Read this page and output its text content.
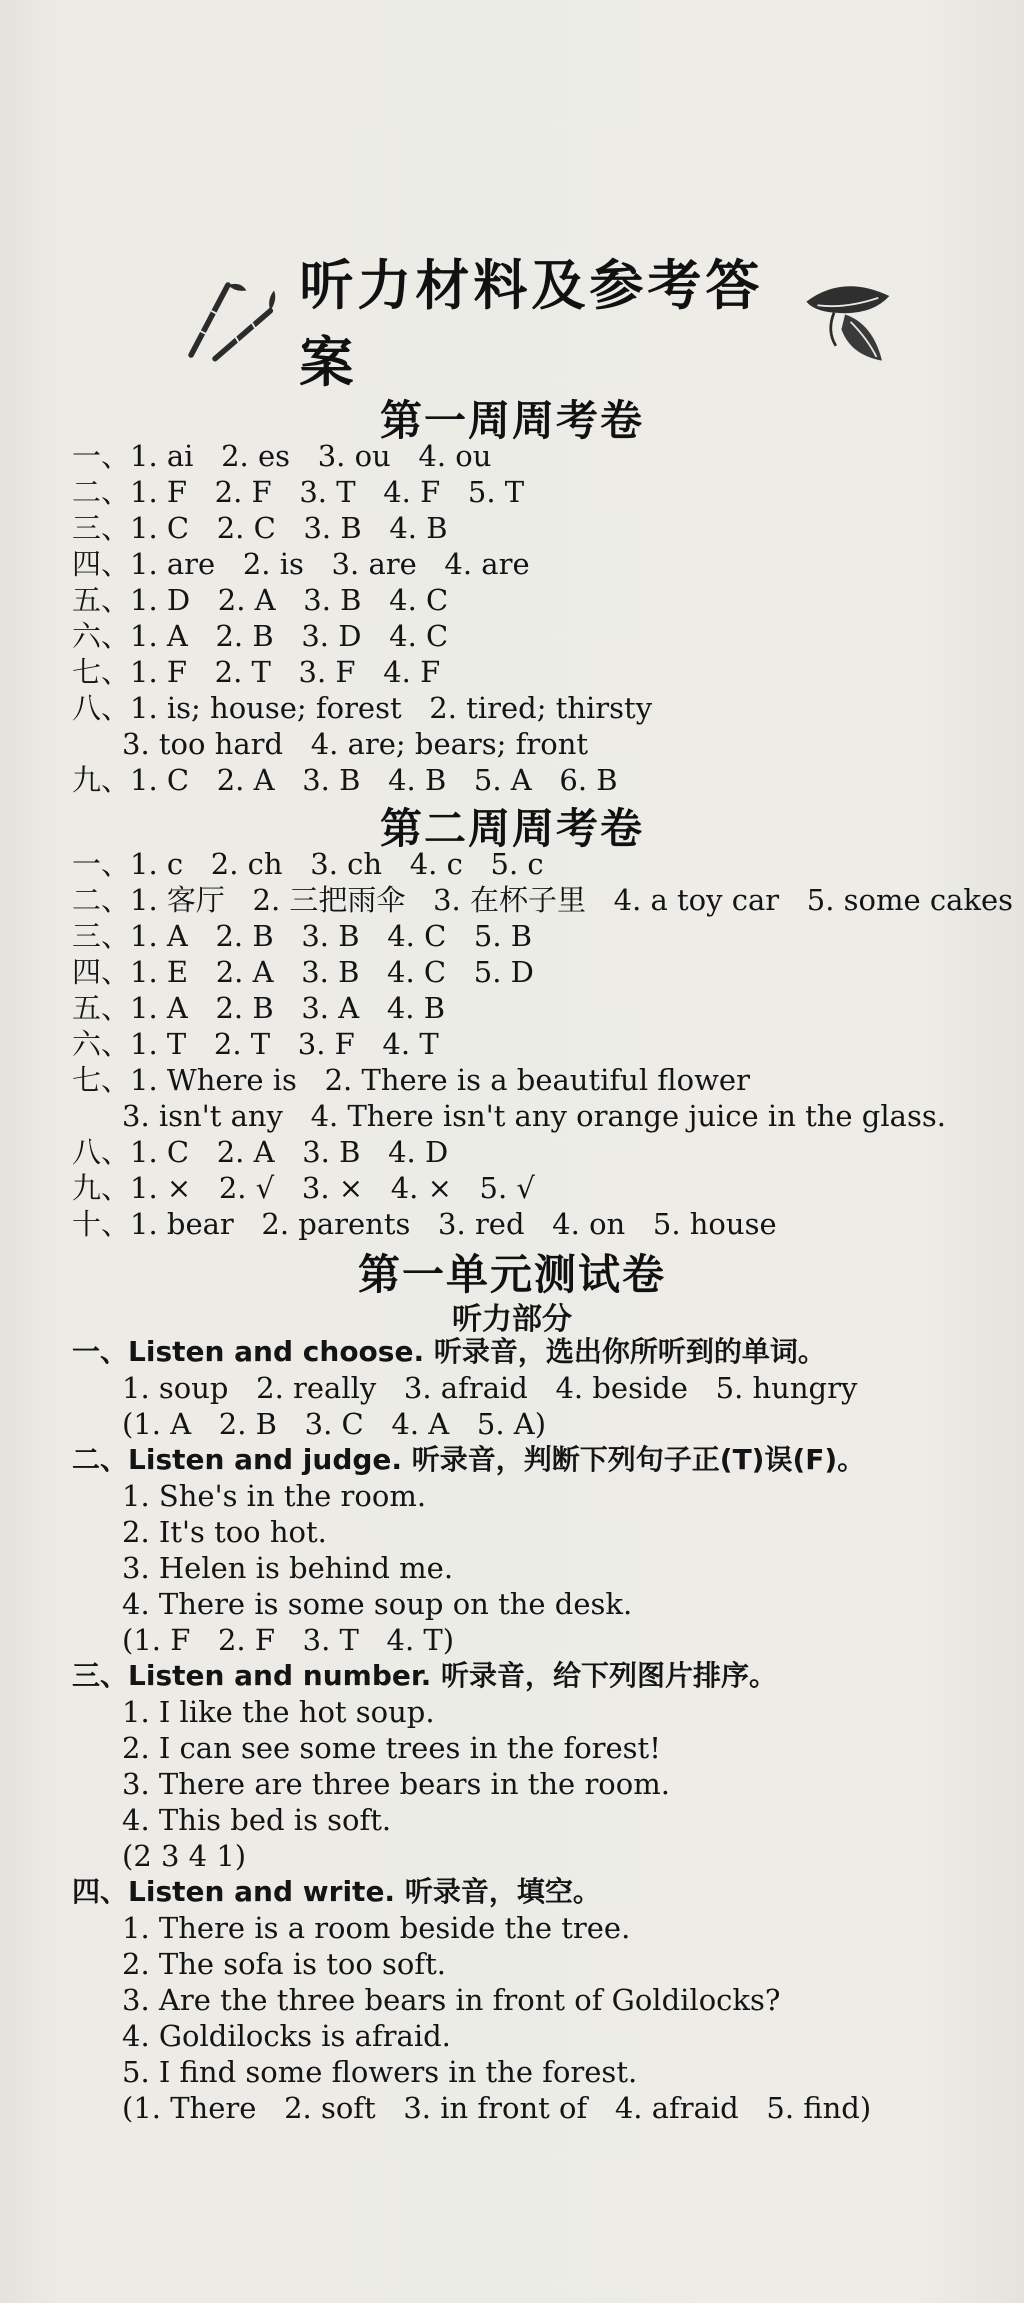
听力材料及参考答案
第一周周考卷
一、1. ai   2. es   3. ou   4. ou
二、1. F   2. F   3. T   4. F   5. T
三、1. C   2. C   3. B   4. B
四、1. are   2. is   3. are   4. are
五、1. D   2. A   3. B   4. C
六、1. A   2. B   3. D   4. C
七、1. F   2. T   3. F   4. F
八、1. is; house; forest   2. tired; thirsty
3. too hard   4. are; bears; front
九、1. C   2. A   3. B   4. B   5. A   6. B
第二周周考卷
一、1. c   2. ch   3. ch   4. c   5. c
二、1. 客厅   2. 三把雨伞   3. 在杯子里   4. a toy car   5. some cakes
三、1. A   2. B   3. B   4. C   5. B
四、1. E   2. A   3. B   4. C   5. D
五、1. A   2. B   3. A   4. B
六、1. T   2. T   3. F   4. T
七、1. Where is   2. There is a beautiful flower
3. isn't any   4. There isn't any orange juice in the glass.
八、1. C   2. A   3. B   4. D
九、1. ×   2. √   3. ×   4. ×   5. √
十、1. bear   2. parents   3. red   4. on   5. house
第一单元测试卷
听力部分
一、Listen and choose. 听录音，选出你所听到的单词。
1. soup   2. really   3. afraid   4. beside   5. hungry
(1. A   2. B   3. C   4. A   5. A)
二、Listen and judge. 听录音，判断下列句子正(T)误(F)。
1. She's in the room.
2. It's too hot.
3. Helen is behind me.
4. There is some soup on the desk.
(1. F   2. F   3. T   4. T)
三、Listen and number. 听录音，给下列图片排序。
1. I like the hot soup.
2. I can see some trees in the forest!
3. There are three bears in the room.
4. This bed is soft.
(2 3 4 1)
四、Listen and write. 听录音，填空。
1. There is a room beside the tree.
2. The sofa is too soft.
3. Are the three bears in front of Goldilocks?
4. Goldilocks is afraid.
5. I find some flowers in the forest.
(1. There   2. soft   3. in front of   4. afraid   5. find)
